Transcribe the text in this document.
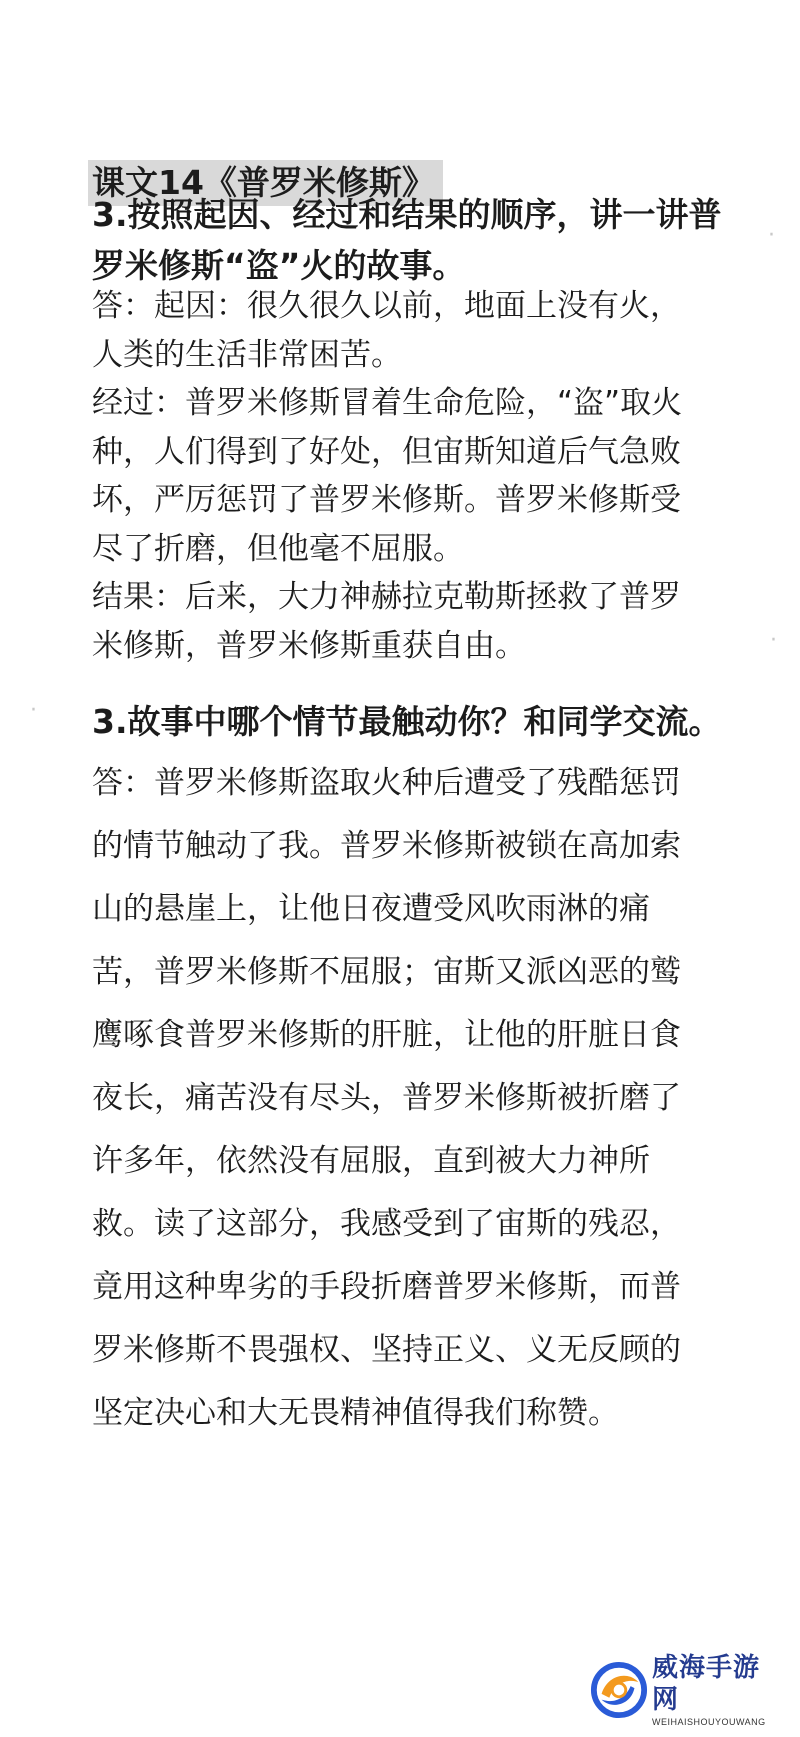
课文14《普罗米修斯》
3.按照起因、经过和结果的顺序，讲一讲普
罗米修斯“盗”火的故事。
答：起因：很久很久以前，地面上没有火，
人类的生活非常困苦。
经过：普罗米修斯冒着生命危险，“盗”取火
种，人们得到了好处，但宙斯知道后气急败
坏，严厉惩罚了普罗米修斯。普罗米修斯受
尽了折磨，但他毫不屈服。
结果：后来，大力神赫拉克勒斯拯救了普罗
米修斯，普罗米修斯重获自由。
3.故事中哪个情节最触动你？和同学交流。
答：普罗米修斯盗取火种后遭受了残酷惩罚
的情节触动了我。普罗米修斯被锁在高加索
山的悬崖上，让他日夜遭受风吹雨淋的痛
苦，普罗米修斯不屈服；宙斯又派凶恶的鹫
鹰啄食普罗米修斯的肝脏，让他的肝脏日食
夜长，痛苦没有尽头，普罗米修斯被折磨了
许多年，依然没有屈服，直到被大力神所
救。读了这部分，我感受到了宙斯的残忍，
竟用这种卑劣的手段折磨普罗米修斯，而普
罗米修斯不畏强权、坚持正义、义无反顾的
坚定决心和大无畏精神值得我们称赞。
·
·
·
威海手游网
WEIHAISHOUYOUWANG
